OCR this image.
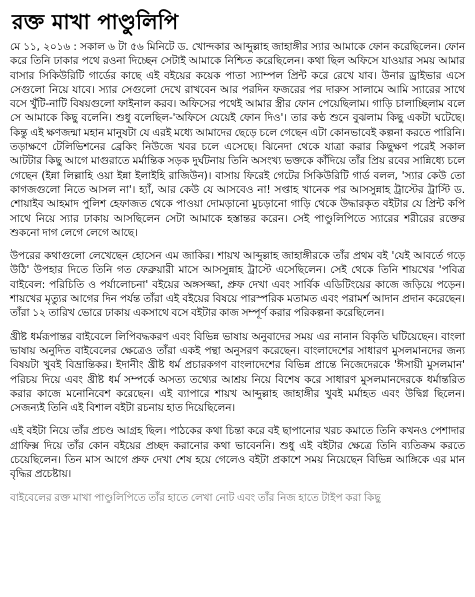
রক্ত মাখা পাণ্ডুলিপি

মে ১১, ২০১৬ : সকাল ৬ টা ৫৬ মিনিটে ড. খোন্দকার আব্দুল্লাহ জাহাঙ্গীর স্যার আমাকে ফোন করেছিলেন। ফোন করে তিনি ঢাকার পথে রওনা দিচ্ছেন সেটাই আমাকে নিশ্চিত করেছিলেন। কথা ছিল অফিসে যাওয়ার সময় আমার বাসার সিকিউরিটি গার্ডের কাছে এই বইয়ের কয়েক পাতা স্যাম্পল প্রিন্ট করে রেখে যাব। উনার ড্রাইভার এসে সেগুলো নিয়ে যাবে। স্যার সেগুলো দেখে রাখবেন আর পরদিন ফজরের পর দারুস সালামে আমি স্যারের সাথে বসে খুঁটি-নাটি বিষয়গুলো ফাইনাল করব। অফিসের পথেই আমার স্ত্রীর ফোন পেয়েছিলাম। গাড়ি চালাচ্ছিলাম বলে সে আমাকে কিছু বলেনি। শুধু বলেছিল-'অফিসে যেয়েই ফোন দিও'। তার কণ্ঠ শুনে বুঝলাম কিছু একটা ঘটেছে। কিন্তু এই ক্ষণজন্মা মহান মানুষটা যে এরই মধ্যে আমাদের ছেড়ে চলে গেছেন এটা কোনভাবেই কল্পনা করতে পারিনি। তড়াক্ষণে টেলিভিশনের ব্রেকিং নিউজে খবর চলে এসেছে। ঝিনেদা থেকে যাত্রা করার কিছুক্ষণ পরেই সকাল আটটার কিছু আগে মাগুরাতে মর্মান্তিক সড়ক দুর্ঘটনায় তিনি অসংখ্য ভক্তকে কাঁদিয়ে তাঁর প্রিয় রবের সান্নিধ্যে চলে গেছেন (ইন্না লিল্লাহি ওয়া ইন্না ইলাইহি রাজিউন)। বাসায় ফিরেই গেটের সিকিউরিটি গার্ড বলল, 'স্যার কেউ তো কাগজগুলো নিতে আসল না'। হ্যাঁ, আর কেউ যে আসবেও না! সপ্তাহ খানেক পর আসসুন্নাহ ট্রাস্টের ট্রাস্টি ড. শোয়াইব আহমাদ পুলিশ হেফাজত থেকে পাওয়া দোমড়ানো মুচড়ানো গাড়ি থেকে উদ্ধারকৃত বইটার যে প্রিন্ট কপি সাথে নিয়ে স্যার ঢাকায় আসছিলেন সেটা আমাকে হস্তান্তর করেন। সেই পাণ্ডুলিপিতে স্যারের শরীরের রক্তের শুকনো দাগ লেগে লেগে আছে।

উপরের কথাগুলো লেখেছেন হোসেন এম জাকির। শায়খ আব্দুল্লাহ জাহাঙ্গীরকে তাঁর প্রথম বই 'যেই আবর্তে গড়ে উঠি' উপহার দিতে তিনি গত ফেব্রুয়ারী মাসে আসসুন্নাহ ট্রাস্টে এসেছিলেন। সেই থেকে তিনি শায়খের 'পবিত্র বাইবেল: পরিচিতি ও পর্যালোচনা' বইয়ের অঙ্গসজ্জা, প্রুফ দেখা এবং সার্বিক এডিটিংয়ের কাজে জড়িয়ে পড়েন। শায়খের মৃত্যুর আগের দিন পর্যন্ত তাঁরা এই বইয়ের বিষয়ে পারস্পরিক মতামত এবং পরামর্শ আদান প্রদান করেছেন। তাঁরা ১২ তারিখ ভোরে ঢাকায় একসাথে বসে বইটার কাজ সম্পূর্ণ করার পরিকল্পনা করেছিলেন।

খ্রীষ্ট ধর্মরূপান্তর বাইবেলে লিপিবদ্ধকরণ এবং বিভিন্ন ভাষায় অনুবাদের সময় এর নানান বিকৃতি ঘটিয়েছেন। বাংলা ভাষায় অনুদিত বাইবেলের ক্ষেত্রেও তাঁরা একই পন্থা অনুসরণ করেছেন। বাংলাদেশের সাধারণ মুসলমানদের জন্য বিষয়টা খুবই বিভ্রান্তিকর। ইদানীং খ্রীষ্ট ধর্ম প্রচারকগণ বাংলাদেশের বিভিন্ন প্রান্তে নিজেদেরকে 'ঈসায়ী মুসলমান' পরিচয় দিয়ে এবং খ্রীষ্ট ধর্ম সম্পর্কে অসত্য তথ্যের আশ্রয় নিয়ে বিশেষ করে সাধারণ মুসলমানদেরকে ধর্মান্তরিত করার কাজে মনোনিবেশ করেছেন। এই ব্যাপারে শায়খ আব্দুল্লাহ জাহাঙ্গীর খুবই মর্মাহত এবং উদ্বিগ্ন ছিলেন। সেজন্যই তিনি এই বিশাল বইটা রচনায় হাত দিয়েছিলেন।

এই বইটা নিয়ে তাঁর প্রচণ্ড আগ্রহ ছিল। পাঠকের কথা চিন্তা করে বই ছাপানোর খরচ কমাতে তিনি কখনও পেশাদার গ্রাফিক্স দিয়ে তাঁর কোন বইয়ের প্রচ্ছদ করানোর কথা ভাবেননি। শুধু এই বইটার ক্ষেত্রে তিনি ব্যতিক্রম করতে চেয়েছিলেন। তিন মাস আগে প্রুফ দেখা শেষ হয়ে গেলেও বইটা প্রকাশে সময় নিয়েছেন বিভিন্ন আঙ্গিকে এর মান বৃদ্ধির প্রচেষ্টায়।

বাইবেলের রক্ত মাখা পাণ্ডুলিপিতে তাঁর হাতে লেখা নোট এবং তাঁর নিজ হাতে টাইপ করা কিছু
